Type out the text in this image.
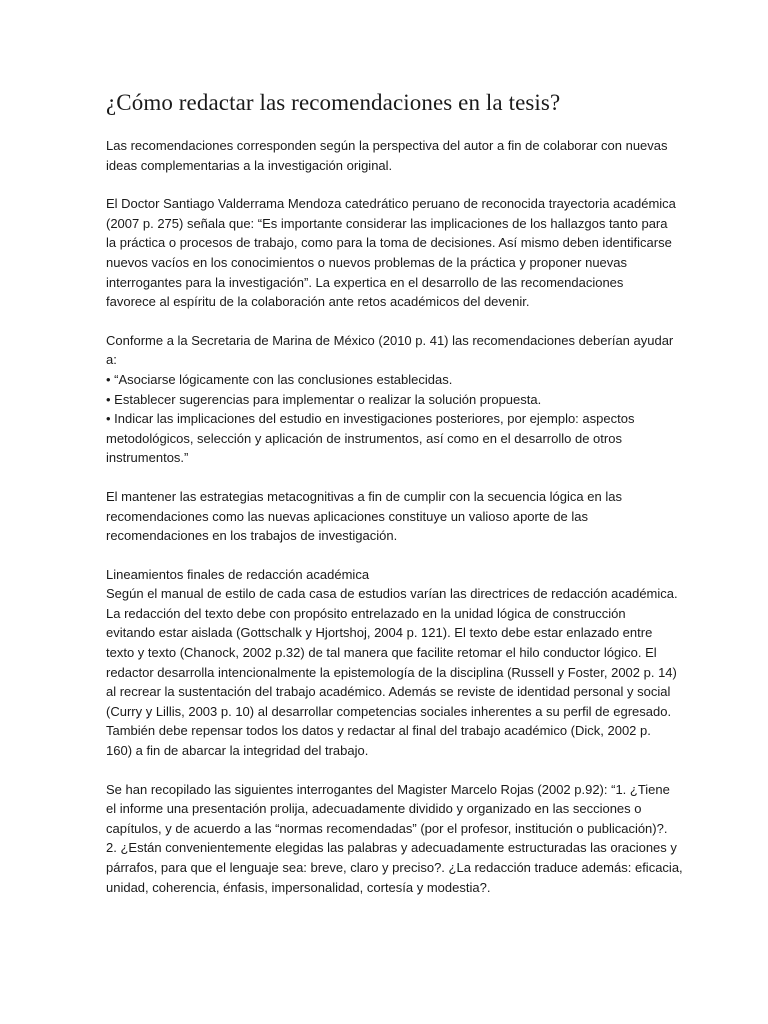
¿Cómo redactar las recomendaciones en la tesis?
Las recomendaciones corresponden según la perspectiva del autor a fin de colaborar con nuevas
ideas complementarias a la investigación original.
El Doctor Santiago Valderrama Mendoza catedrático peruano de reconocida trayectoria académica
(2007 p. 275) señala que: “Es importante considerar las implicaciones de los hallazgos tanto para
la práctica o procesos de trabajo, como para la toma de decisiones. Así mismo deben identificarse
nuevos vacíos en los conocimientos o nuevos problemas de la práctica y proponer nuevas
interrogantes para la investigación”. La expertica en el desarrollo de las recomendaciones
favorece al espíritu de la colaboración ante retos académicos del devenir.
Conforme a la Secretaria de Marina de México (2010 p. 41) las recomendaciones deberían ayudar
a:
• “Asociarse lógicamente con las conclusiones establecidas.
• Establecer sugerencias para implementar o realizar la solución propuesta.
• Indicar las implicaciones del estudio en investigaciones posteriores, por ejemplo: aspectos
metodológicos, selección y aplicación de instrumentos, así como en el desarrollo de otros
instrumentos.”
El mantener las estrategias metacognitivas a fin de cumplir con la secuencia lógica en las
recomendaciones como las nuevas aplicaciones constituye un valioso aporte de las
recomendaciones en los trabajos de investigación.
Lineamientos finales de redacción académica
Según el manual de estilo de cada casa de estudios varían las directrices de redacción académica.
La redacción del texto debe con propósito entrelazado en la unidad lógica de construcción
evitando estar aislada (Gottschalk y Hjortshoj, 2004 p. 121). El texto debe estar enlazado entre
texto y texto (Chanock, 2002 p.32) de tal manera que facilite retomar el hilo conductor lógico. El
redactor desarrolla intencionalmente la epistemología de la disciplina (Russell y Foster, 2002 p. 14)
al recrear la sustentación del trabajo académico. Además se reviste de identidad personal y social
(Curry y Lillis, 2003 p. 10) al desarrollar competencias sociales inherentes a su perfil de egresado.
También debe repensar todos los datos y redactar al final del trabajo académico (Dick, 2002 p.
160) a fin de abarcar la integridad del trabajo.
Se han recopilado las siguientes interrogantes del Magister Marcelo Rojas (2002 p.92): “1. ¿Tiene
el informe una presentación prolija, adecuadamente dividido y organizado en las secciones o
capítulos, y de acuerdo a las “normas recomendadas” (por el profesor, institución o publicación)?.
2. ¿Están convenientemente elegidas las palabras y adecuadamente estructuradas las oraciones y
párrafos, para que el lenguaje sea: breve, claro y preciso?. ¿La redacción traduce además: eficacia,
unidad, coherencia, énfasis, impersonalidad, cortesía y modestia?.
